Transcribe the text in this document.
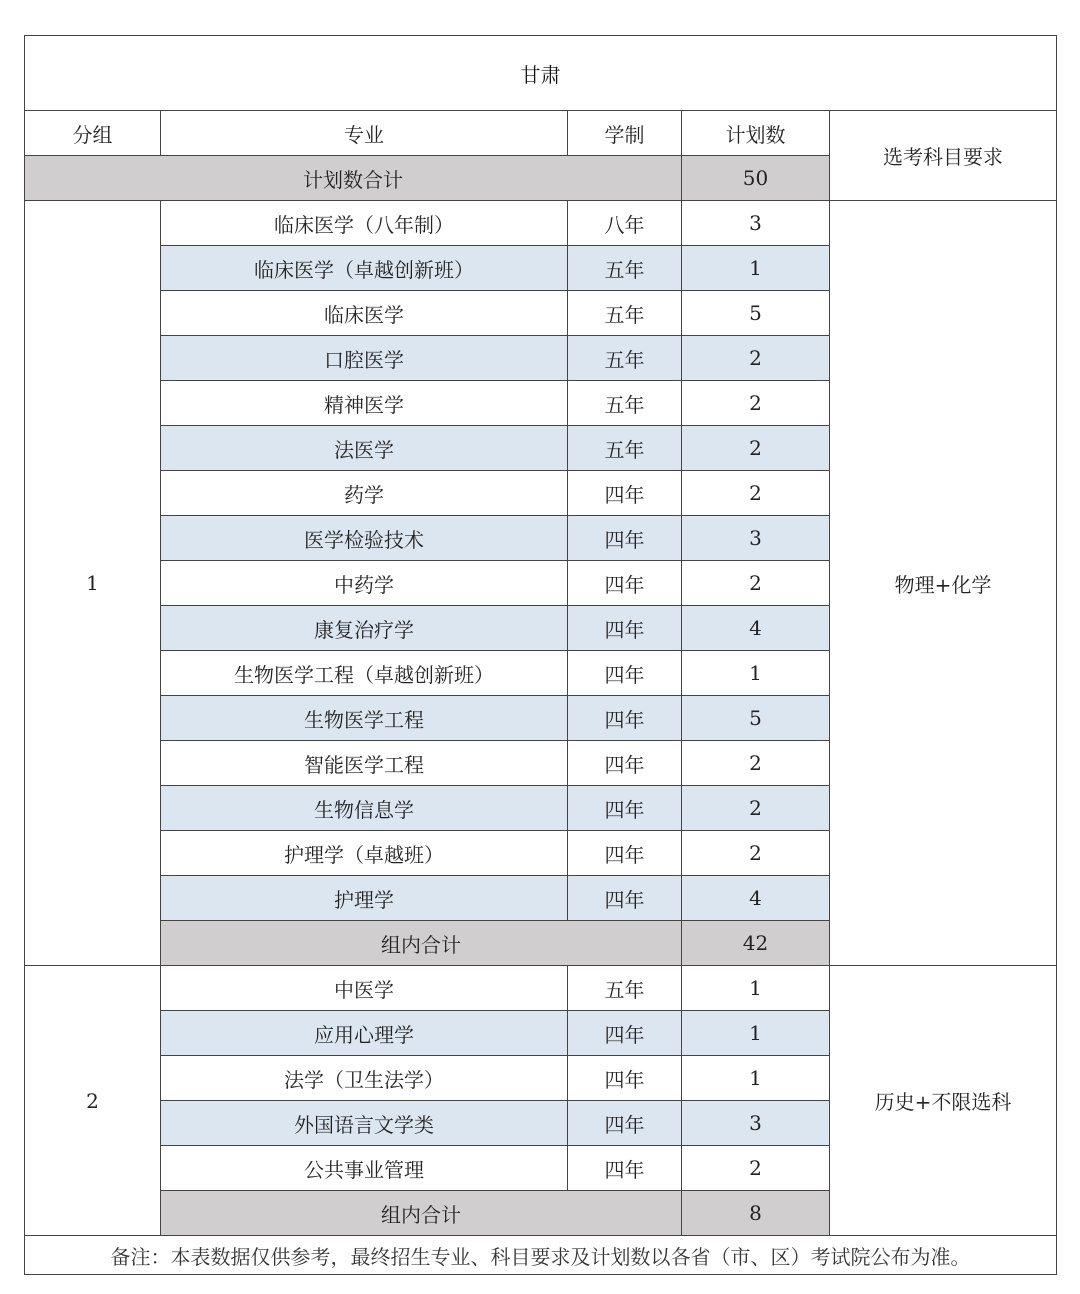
甘肃				
分组	专业	学制	计划数	选考科目要求
计划数合计			50	
1	临床医学（八年制）	八年	3	物理+化学
	临床医学（卓越创新班）	五年	1	
	临床医学	五年	5	
	口腔医学	五年	2	
	精神医学	五年	2	
	法医学	五年	2	
	药学	四年	2	
	医学检验技术	四年	3	
	中药学	四年	2	
	康复治疗学	四年	4	
	生物医学工程（卓越创新班）	四年	1	
	生物医学工程	四年	5	
	智能医学工程	四年	2	
	生物信息学	四年	2	
	护理学（卓越班）	四年	2	
	护理学	四年	4	
	组内合计		42	
2	中医学	五年	1	历史+不限选科
	应用心理学	四年	1	
	法学（卫生法学）	四年	1	
	外国语言文学类	四年	3	
	公共事业管理	四年	2	
	组内合计		8	
备注：本表数据仅供参考，最终招生专业、科目要求及计划数以各省（市、区）考试院公布为准。				
